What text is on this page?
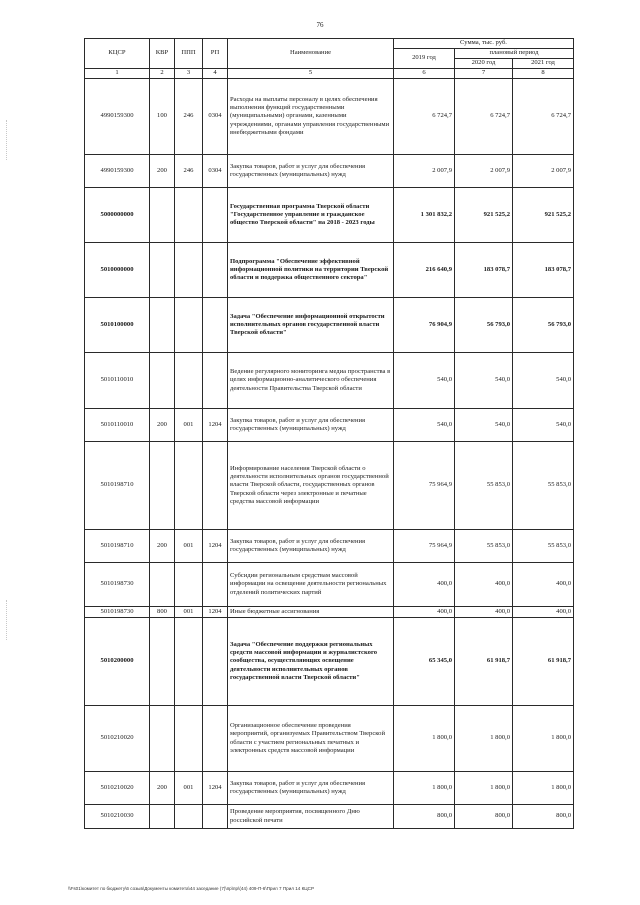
76
КЦСР	КВР	ППП	РП	Наименование	Сумма, тыс. руб.		
					2019 год	плановый период	
						2020 год	2021 год
1	2	3	4	5	6	7	8
4990159300	100	246	0304	Расходы на выплаты персоналу в целях обеспечения выполнения функций государственными (муниципальными) органами, казенными учреждениями, органами управления государственными внебюджетными фондами	6 724,7	6 724,7	6 724,7
4990159300	200	246	0304	Закупка товаров, работ и услуг для обеспечения государственных (муниципальных) нужд	2 007,9	2 007,9	2 007,9
5000000000				Государственная программа Тверской области "Государственное управление и гражданское общество Тверской области" на 2018 - 2023 годы	1 301 832,2	921 525,2	921 525,2
5010000000				Подпрограмма "Обеспечение эффективной информационной политики на территории Тверской области и поддержка общественного сектора"	216 640,9	183 078,7	183 078,7
5010100000				Задача "Обеспечение информационной открытости исполнительных органов государственной власти Тверской области"	76 904,9	56 793,0	56 793,0
5010110010				Ведение регулярного мониторинга медиа пространства в целях информационно-аналитического обеспечения деятельности Правительства Тверской области	540,0	540,0	540,0
5010110010	200	001	1204	Закупка товаров, работ и услуг для обеспечения государственных (муниципальных) нужд	540,0	540,0	540,0
5010198710				Информирование населения Тверской области о деятельности исполнительных органов государственной власти Тверской области, государственных органов Тверской области через электронные и печатные средства массовой информации	75 964,9	55 853,0	55 853,0
5010198710	200	001	1204	Закупка товаров, работ и услуг для обеспечения государственных (муниципальных) нужд	75 964,9	55 853,0	55 853,0
5010198730				Субсидии региональным средствам массовой информации на освещение деятельности региональных отделений политических партий	400,0	400,0	400,0
5010198730	800	001	1204	Иные бюджетные ассигнования	400,0	400,0	400,0
5010200000				Задача "Обеспечение поддержки региональных средств массовой информации и журналистского сообщества, осуществляющих освещение деятельности исполнительных органов государственной власти Тверской области"	65 345,0	61 918,7	61 918,7
5010210020				Организационное обеспечение проведения мероприятий, организуемых Правительством Тверской области с участием региональных печатных и электронных средств массовой информации	1 800,0	1 800,0	1 800,0
5010210020	200	001	1204	Закупка товаров, работ и услуг для обеспечения государственных (муниципальных) нужд	1 800,0	1 800,0	1 800,0
5010210030				Проведение мероприятия, посвященного Дню российской печати	800,0	800,0	800,0
\\Fs01\комитет по бюджету\6 созыв\Документы комитета\44 заседание (7)\пр\пр\(44) 409-П-6\Прил 7 Прил 14 КЦСР
